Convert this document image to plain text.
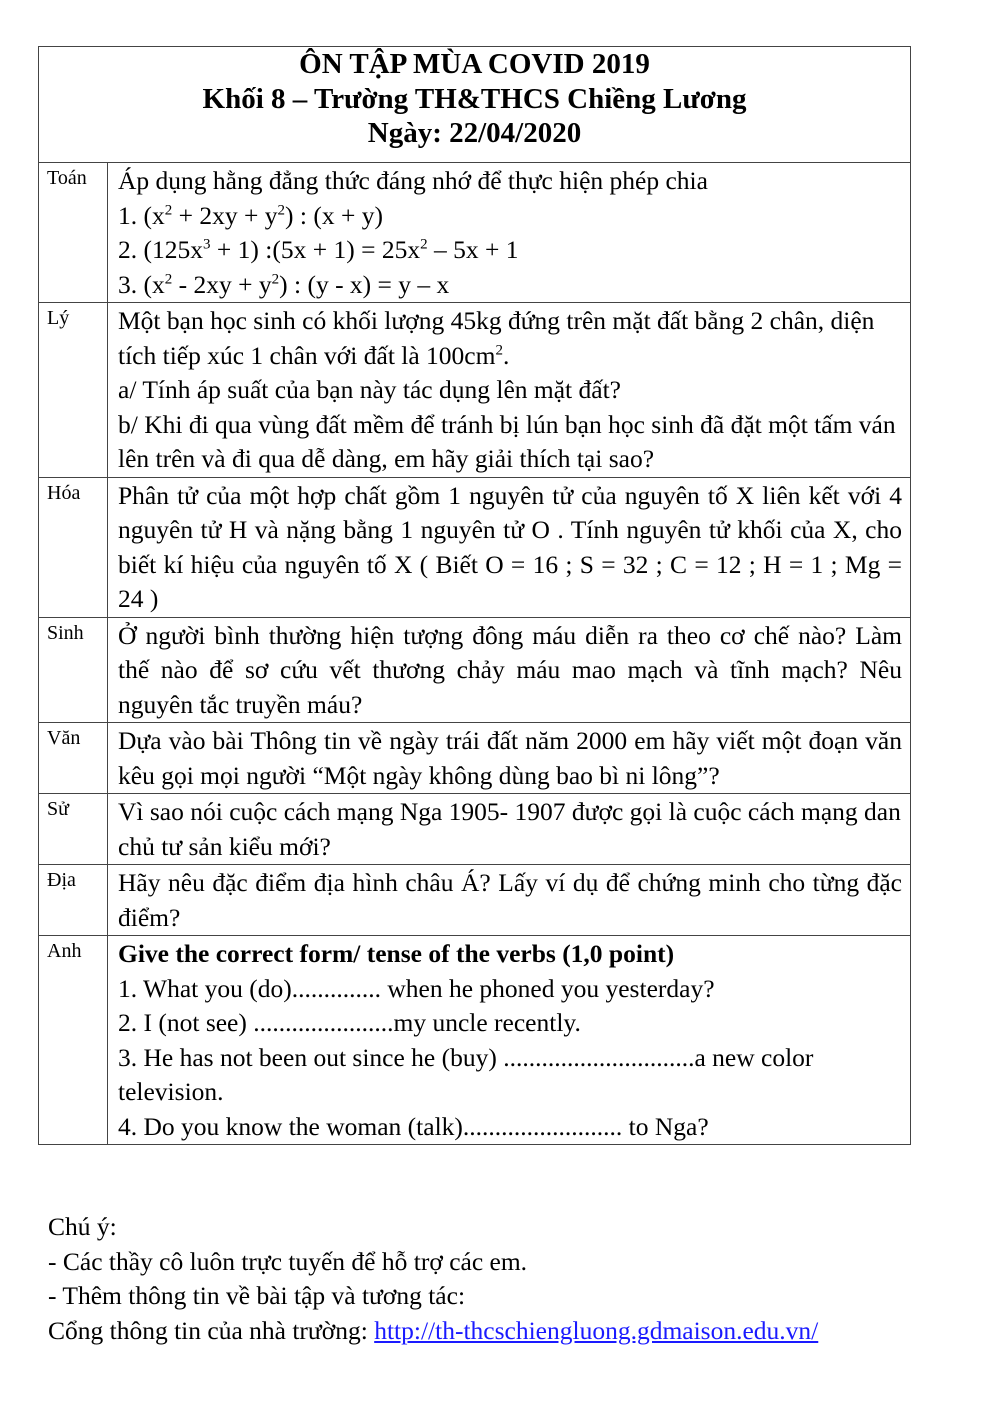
ÔN TẬP MÙA COVID 2019
Khối 8 – Trường TH&THCS Chiềng Lương
Ngày: 22/04/2020	

Toán	Áp dụng hằng đẳng thức đáng nhớ để thực hiện phép chia
1. $(x^2 + 2xy + y^2)$ : (x + y)
2. $(125x^3 + 1)$ :(5x + $1) = 25x^2 - 5x + 1$
3. $(x^2 - 2xy + y^2)$ : (y - x) = y – x

Lý	Một bạn học sinh có khối lượng 45kg đứng trên mặt đất bằng 2 chân, diện tích tiếp xúc 1 chân với đất là $100cm^2$.
a/ Tính áp suất của bạn này tác dụng lên mặt đất?
b/ Khi đi qua vùng đất mềm để tránh bị lún bạn học sinh đã đặt một tấm ván lên trên và đi qua dễ dàng, em hãy giải thích tại sao?

Hóa	Phân tử của một hợp chất gồm 1 nguyên tử của nguyên tố X liên kết với 4 nguyên tử H và nặng bằng 1 nguyên tử O . Tính nguyên tử khối của X, cho biết kí hiệu của nguyên tố X ( Biết O = 16 ; S = 32 ; C = 12 ; H = 1 ; Mg = 24 )
Sinh	Ở người bình thường hiện tượng đông máu diễn ra theo cơ chế nào? Làm thế nào để sơ cứu vết thương chảy máu mao mạch và tĩnh mạch? Nêu nguyên tắc truyền máu?
Văn	Dựa vào bài Thông tin về ngày trái đất năm 2000 em hãy viết một đoạn văn kêu gọi mọi người “Một ngày không dùng bao bì ni lông”?
Sử	Vì sao nói cuộc cách mạng Nga 1905- 1907 được gọi là cuộc cách mạng dan chủ tư sản kiểu mới?
Địa	Hãy nêu đặc điểm địa hình châu Á? Lấy ví dụ để chứng minh cho từng đặc điểm?
Anh	Give the correct form/ tense of the verbs (1,0 point)
1. What you (do).............. when he phoned you yesterday?
2. I (not see) ......................my uncle recently.
3. He has not been out since he (buy) ..............................a new color television.
4. Do you know the woman (talk)......................... to Nga?
Chú ý:
- Các thầy cô luôn trực tuyến để hỗ trợ các em.
- Thêm thông tin về bài tập và tương tác:
Cổng thông tin của nhà trường: http://th-thcschiengluong.gdmaison.edu.vn/
